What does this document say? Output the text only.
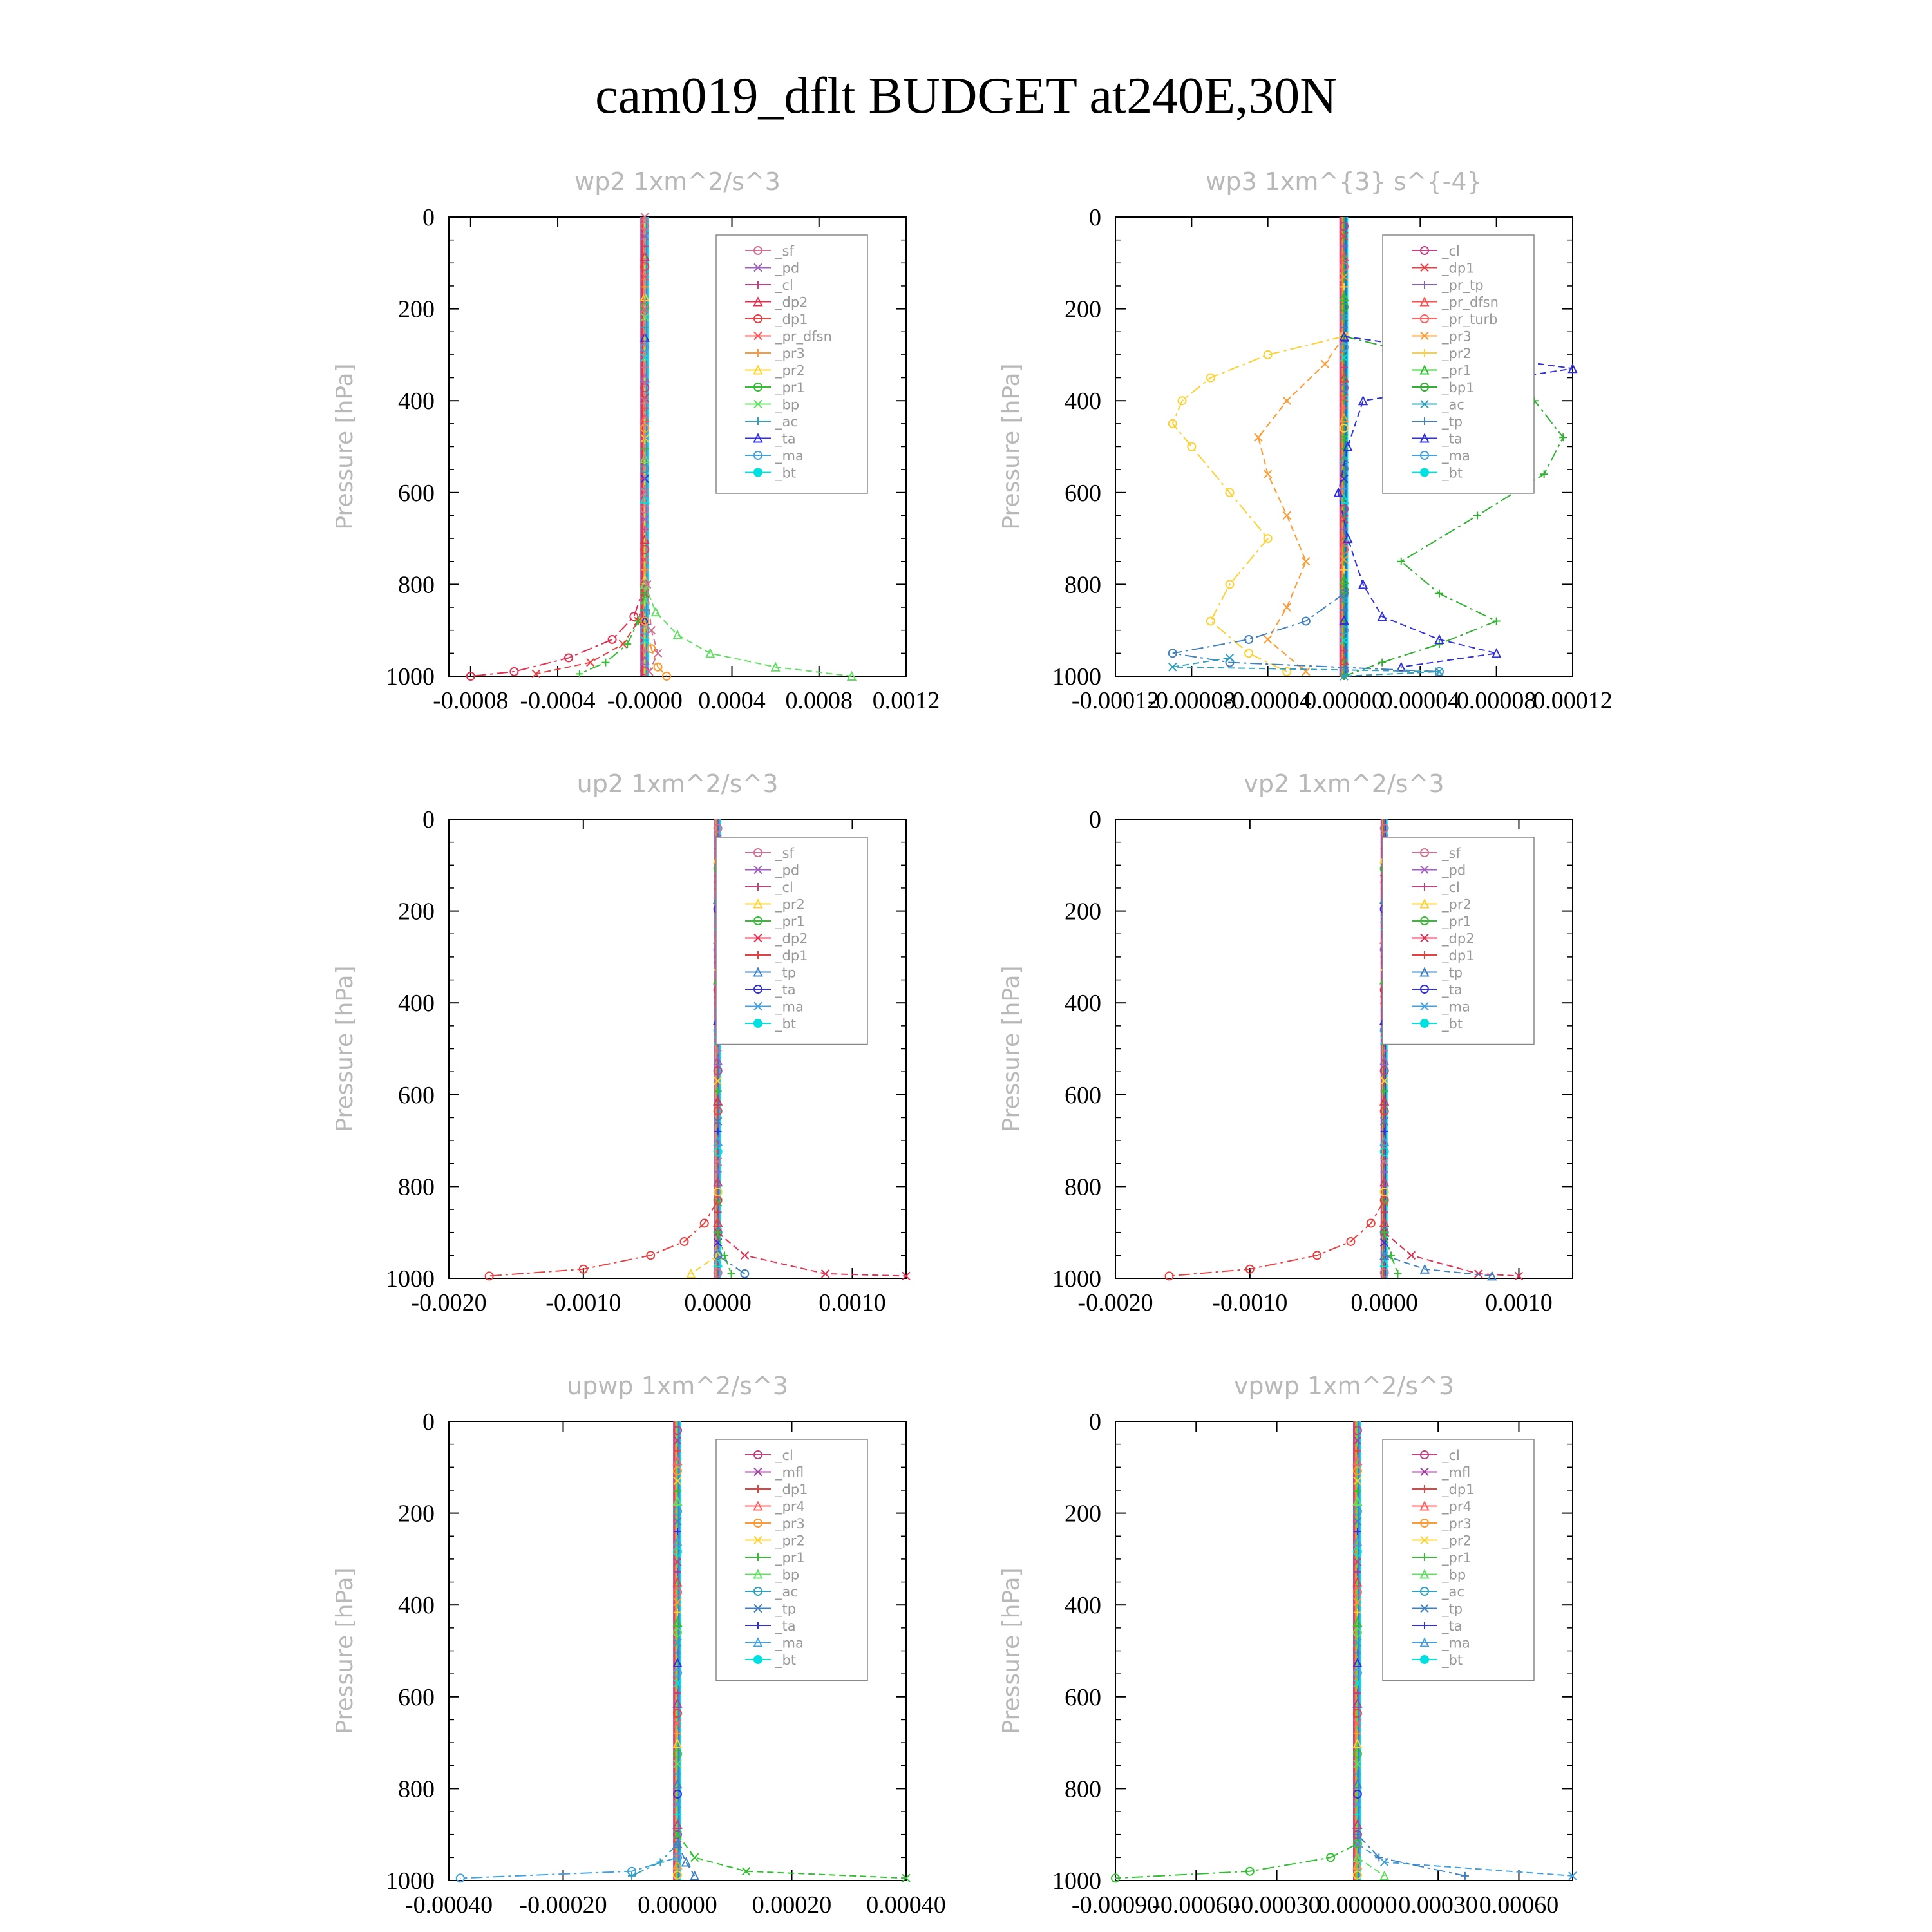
cam019_dflt BUDGET at240E,30N
wp2 1xm^2/s^3
Pressure [hPa]
0
200
400
600
800
1000
-0.0008 -0.0004 -0.0000 0.0004 0.0008 0.0012
_sf
_pd
_cl
_dp2
_dp1
_pr_dfsn
_pr3
_pr2
_pr1
_bp
_ac
_ta
_ma
_bt
wp3 1xm^{3} s^{-4}
Pressure [hPa]
0
200
400
600
800
1000
-0.00012
-0.00008
-0.00004
0.00000
0.00004
0.00008
0.00012
_cl
_dp1
_pr_tp
_pr_dfsn
_pr_turb
_pr3
_pr2
_pr1
_bp1
_ac
_tp
_ta
_ma
_bt
up2 1xm^2/s^3
Pressure [hPa]
0
200
400
600
800
1000
-0.0020 -0.0010	0.0000	0.0010
_sf
_pd
_cl
_pr2
_pr1
_dp2
_dp1
_tp
_ta
_ma
_bt
vp2 1xm^2/s^3
Pressure [hPa]
0
200
400
600
800
1000
-0.0020 -0.0010	0.0000	0.0010
_sf
_pd
_cl
_pr2
_pr1
_dp2
_dp1
_tp
_ta
_ma
_bt
upwp 1xm^2/s^3
Pressure [hPa]
0
200
400
600
800
1000
-0.00040 -0.00020 0.00000 0.00020 0.00040
_cl
_mfl
_dp1
_pr4
_pr3
_pr2
_pr1
_bp
_ac
_tp
_ta
_ma
_bt
vpwp 1xm^2/s^3
Pressure [hPa]
0
200
400
600
800
1000
-0.00090
-0.00060
-0.00030
0.00000 0.00030 0.00060
_cl
_mfl
_dp1
_pr4
_pr3
_pr2
_pr1
_bp
_ac
_tp
_ta
_ma
_bt
